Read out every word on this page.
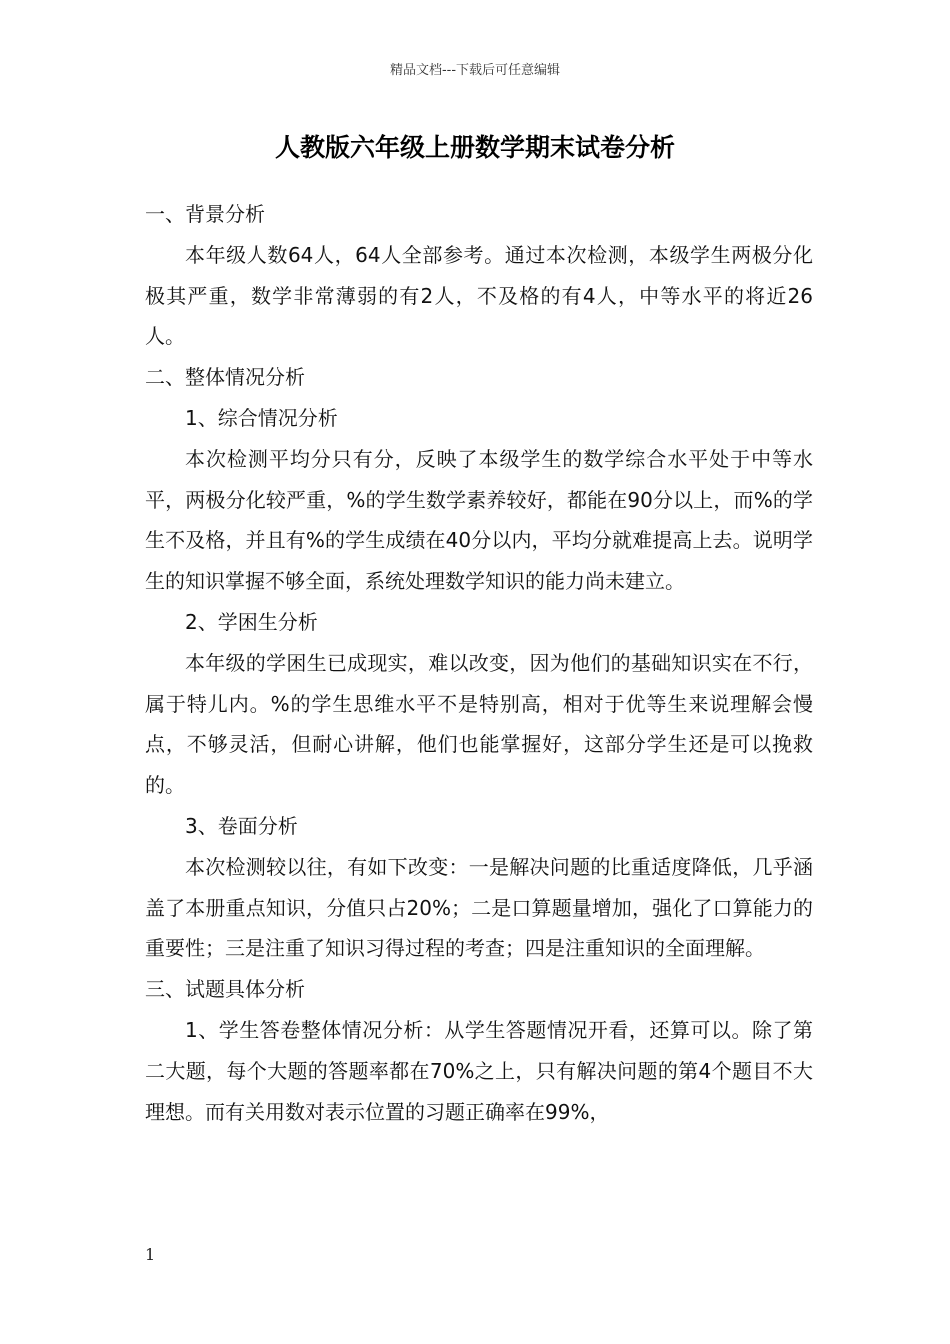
精品文档---下载后可任意编辑
人教版六年级上册数学期末试卷分析

一、背景分析

本年级人数64人，64人全部参考。通过本次检测，本级学生两极分化极其严重，数学非常薄弱的有2人，不及格的有4人，中等水平的将近26人。

二、整体情况分析

1、综合情况分析

本次检测平均分只有分，反映了本级学生的数学综合水平处于中等水平，两极分化较严重，%的学生数学素养较好，都能在90分以上，而%的学生不及格，并且有%的学生成绩在40分以内，平均分就难提高上去。说明学生的知识掌握不够全面，系统处理数学知识的能力尚未建立。

2、学困生分析

本年级的学困生已成现实，难以改变，因为他们的基础知识实在不行，属于特儿内。%的学生思维水平不是特别高，相对于优等生来说理解会慢点，不够灵活，但耐心讲解，他们也能掌握好，这部分学生还是可以挽救的。

3、卷面分析

本次检测较以往，有如下改变：一是解决问题的比重适度降低，几乎涵盖了本册重点知识，分值只占20%；二是口算题量增加，强化了口算能力的重要性；三是注重了知识习得过程的考查；四是注重知识的全面理解。

三、试题具体分析

1、学生答卷整体情况分析：从学生答题情况开看，还算可以。除了第二大题，每个大题的答题率都在70%之上，只有解决问题的第4个题目不大理想。而有关用数对表示位置的习题正确率在99%，

1
